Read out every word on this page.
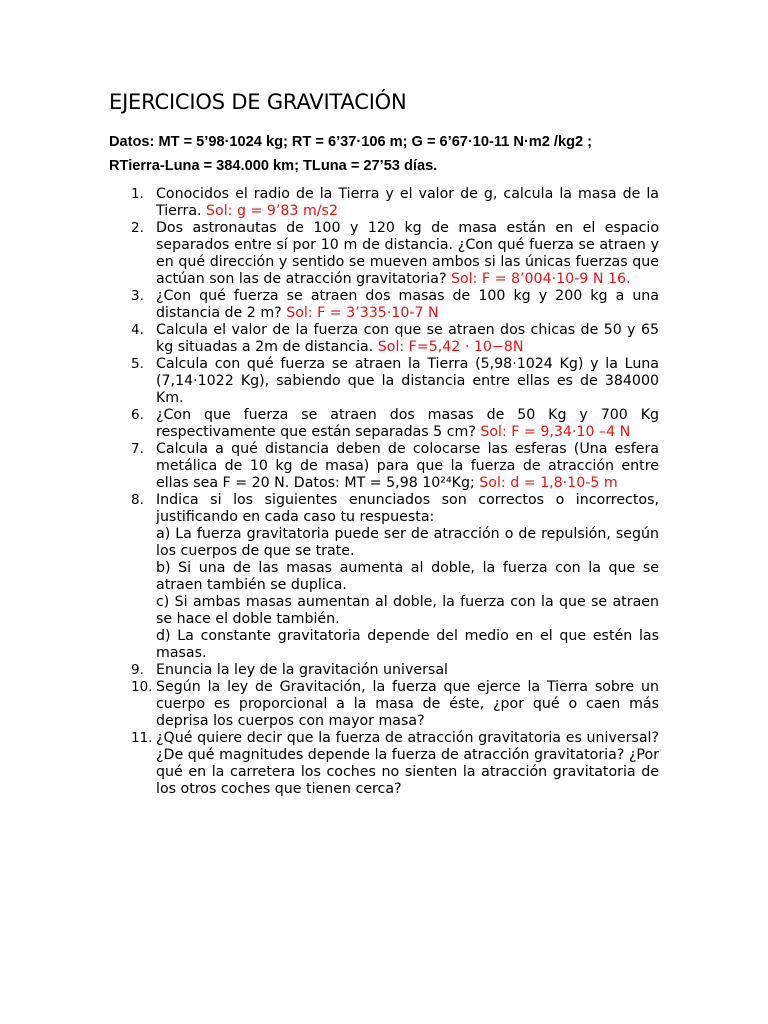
EJERCICIOS DE GRAVITACIÓN
Datos: MT = 5’98·1024 kg; RT = 6’37·106 m; G = 6’67·10-11 N·m2 /kg2 ;
RTierra-Luna = 384.000 km; TLuna = 27’53 días.
1. Conocidos el radio de la Tierra y el valor de g, calcula la masa de la Tierra. Sol: g = 9’83 m/s2
2. Dos astronautas de 100 y 120 kg de masa están en el espacio separados entre sí por 10 m de distancia. ¿Con qué fuerza se atraen y en qué dirección y sentido se mueven ambos si las únicas fuerzas que actúan son las de atracción gravitatoria? Sol: F = 8’004·10-9 N 16.
3. ¿Con qué fuerza se atraen dos masas de 100 kg y 200 kg a una distancia de 2 m? Sol: F = 3’335·10-7 N
4. Calcula el valor de la fuerza con que se atraen dos chicas de 50 y 65 kg situadas a 2m de distancia. Sol: F=5,42 · 10−8N
5. Calcula con qué fuerza se atraen la Tierra (5,98·1024 Kg) y la Luna (7,14·1022 Kg), sabiendo que la distancia entre ellas es de 384000 Km.
6. ¿Con que fuerza se atraen dos masas de 50 Kg y 700 Kg respectivamente que están separadas 5 cm? Sol: F = 9,34·10 –4 N
7. Calcula a qué distancia deben de colocarse las esferas (Una esfera metálica de 10 kg de masa) para que la fuerza de atracción entre ellas sea F = 20 N. Datos: MT = 5,98 10²⁴Kg; Sol: d = 1,8·10-5 m
8. Indica si los siguientes enunciados son correctos o incorrectos, justificando en cada caso tu respuesta:
a) La fuerza gravitatoria puede ser de atracción o de repulsión, según los cuerpos de que se trate.
b) Si una de las masas aumenta al doble, la fuerza con la que se atraen también se duplica.
c) Si ambas masas aumentan al doble, la fuerza con la que se atraen se hace el doble también.
d) La constante gravitatoria depende del medio en el que estén las masas.
9. Enuncia la ley de la gravitación universal
10. Según la ley de Gravitación, la fuerza que ejerce la Tierra sobre un cuerpo es proporcional a la masa de éste, ¿por qué o caen más deprisa los cuerpos con mayor masa?
11. ¿Qué quiere decir que la fuerza de atracción gravitatoria es universal? ¿De qué magnitudes depende la fuerza de atracción gravitatoria? ¿Por qué en la carretera los coches no sienten la atracción gravitatoria de los otros coches que tienen cerca?
